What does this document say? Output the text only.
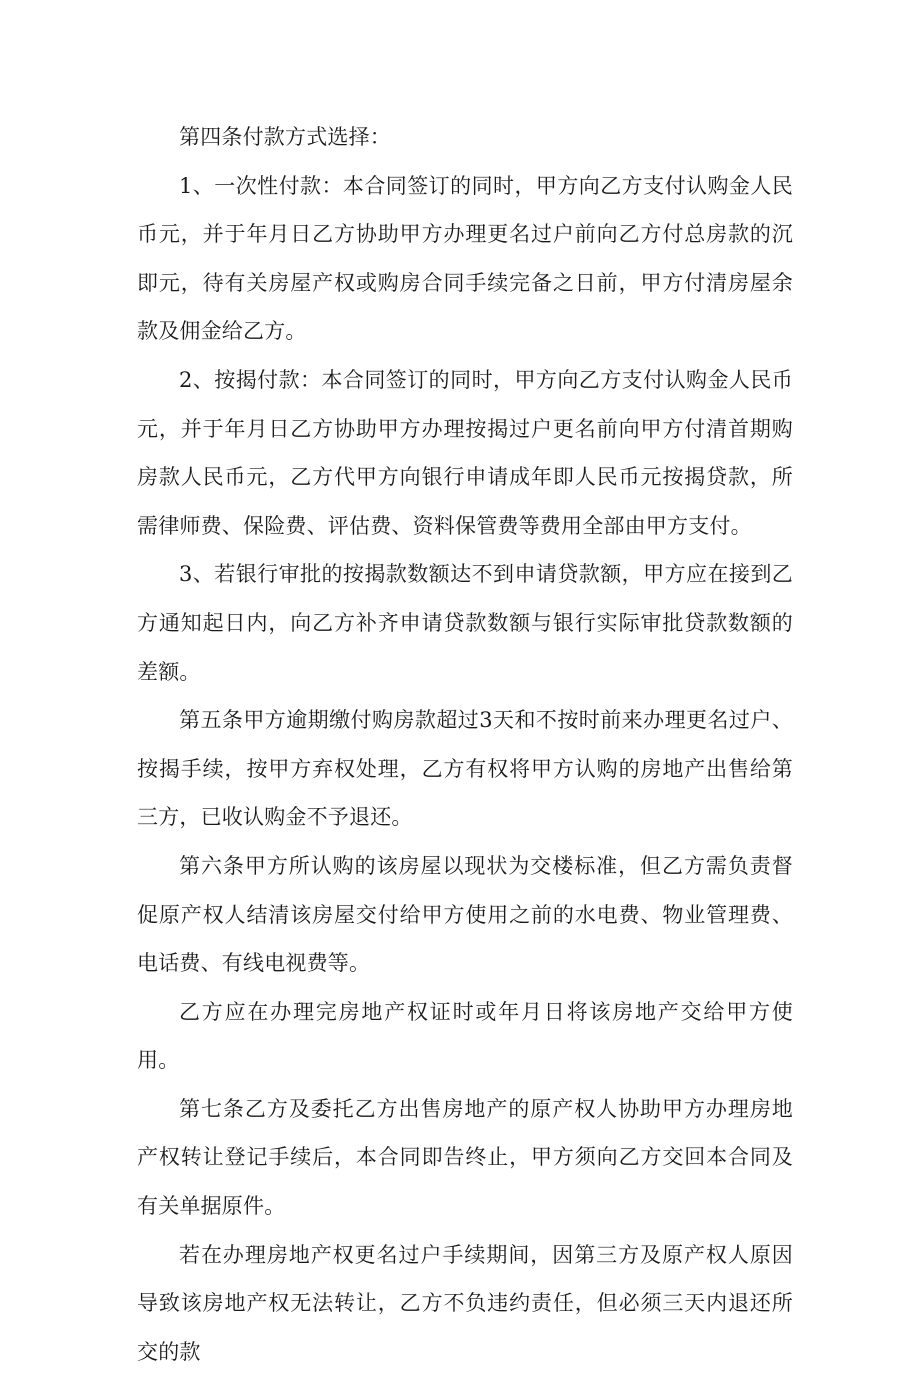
第四条付款方式选择：

1、一次性付款：本合同签订的同时，甲方向乙方支付认购金人民币元，并于年月日乙方协助甲方办理更名过户前向乙方付总房款的沉即元，待有关房屋产权或购房合同手续完备之日前，甲方付清房屋余款及佣金给乙方。

2、按揭付款：本合同签订的同时，甲方向乙方支付认购金人民币元，并于年月日乙方协助甲方办理按揭过户更名前向甲方付清首期购房款人民币元，乙方代甲方向银行申请成年即人民币元按揭贷款，所需律师费、保险费、评估费、资料保管费等费用全部由甲方支付。

3、若银行审批的按揭款数额达不到申请贷款额，甲方应在接到乙方通知起日内，向乙方补齐申请贷款数额与银行实际审批贷款数额的差额。

第五条甲方逾期缴付购房款超过3天和不按时前来办理更名过户、按揭手续，按甲方弃权处理，乙方有权将甲方认购的房地产出售给第三方，已收认购金不予退还。

第六条甲方所认购的该房屋以现状为交楼标准，但乙方需负责督促原产权人结清该房屋交付给甲方使用之前的水电费、物业管理费、电话费、有线电视费等。

乙方应在办理完房地产权证时或年月日将该房地产交给甲方使用。

第七条乙方及委托乙方出售房地产的原产权人协助甲方办理房地产权转让登记手续后，本合同即告终止，甲方须向乙方交回本合同及有关单据原件。

若在办理房地产权更名过户手续期间，因第三方及原产权人原因导致该房地产权无法转让，乙方不负违约责任，但必须三天内退还所交的款
